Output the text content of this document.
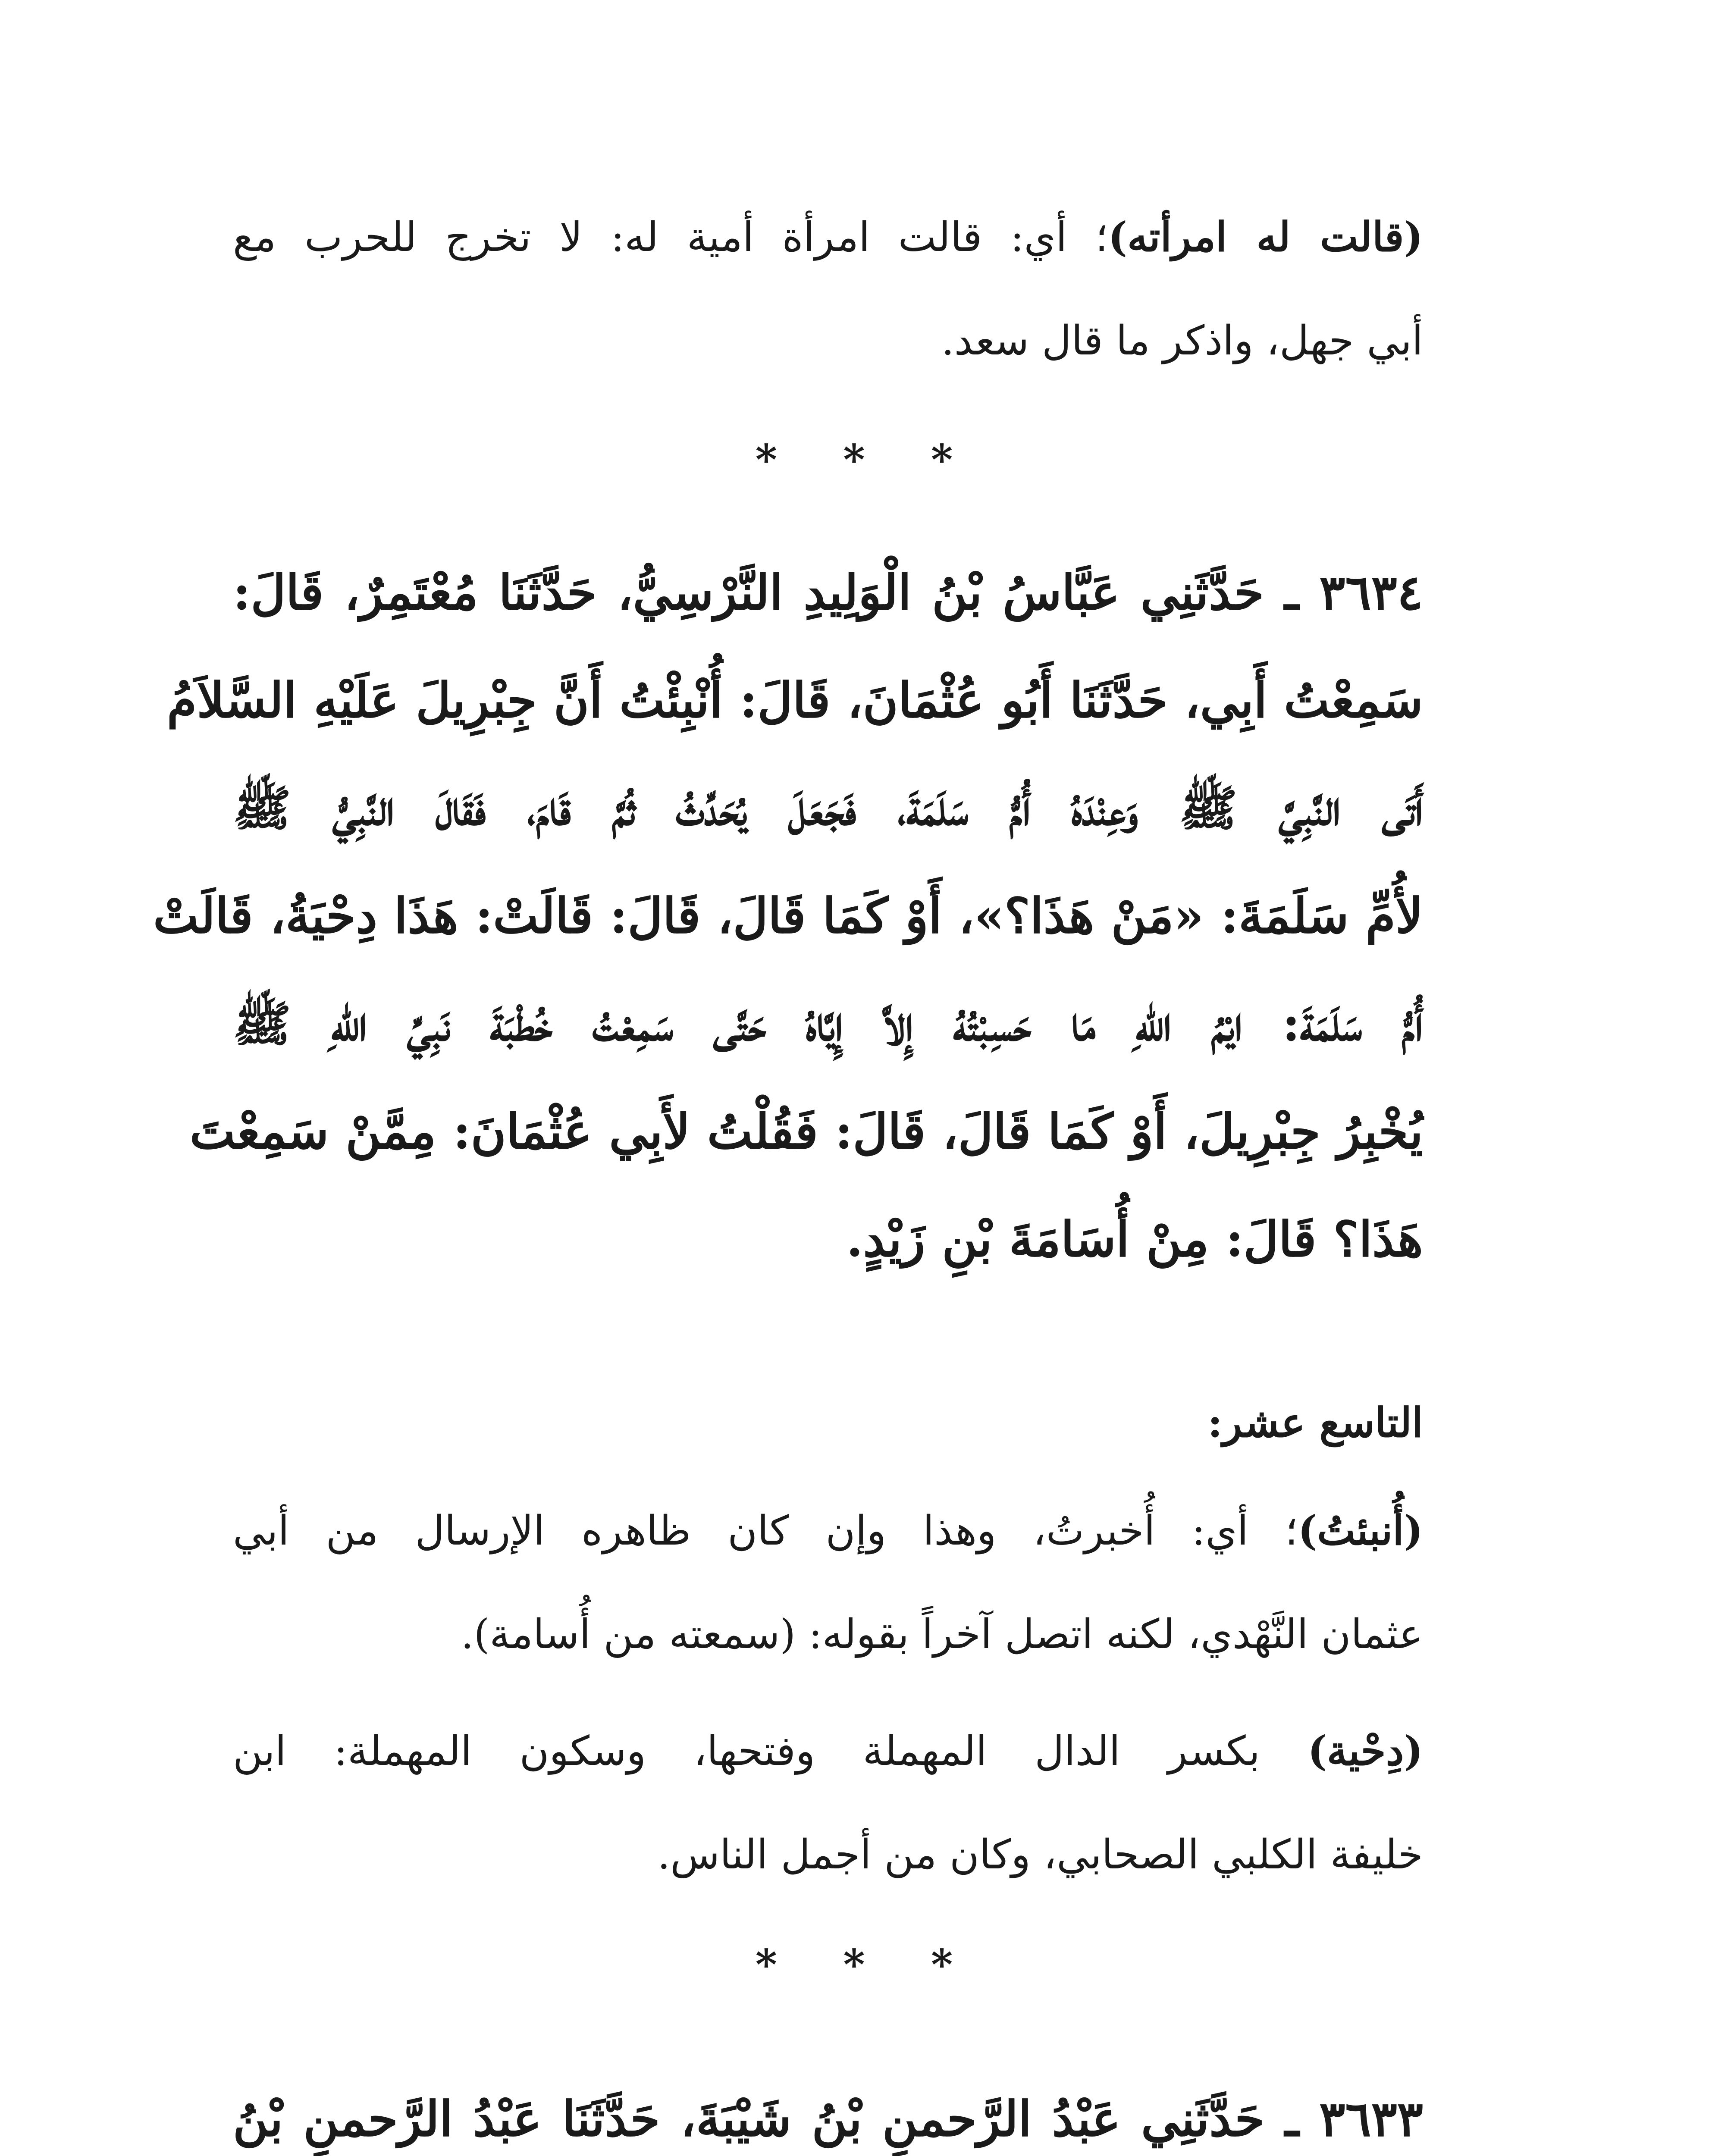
(قالت له امرأته)؛ أي: قالت امرأة أمية له: لا تخرج للحرب مع
أبي جهل، واذكر ما قال سعد.
* * *
٣٦٣٤ ـ حَدَّثَنِي عَبَّاسُ بْنُ الْوَلِيدِ النَّرْسِيُّ، حَدَّثَنَا مُعْتَمِرٌ، قَالَ:
سَمِعْتُ أَبِي، حَدَّثَنَا أَبُو عُثْمَانَ، قَالَ: أُنْبِئْتُ أَنَّ جِبْرِيلَ عَلَيْهِ السَّلاَمُ
أَتَى النَّبِيَّ ﷺ وَعِنْدَهُ أُمُّ سَلَمَةَ، فَجَعَلَ يُحَدِّثُ ثُمَّ قَامَ، فَقَالَ النَّبِيُّ ﷺ
لأُمِّ سَلَمَةَ: «مَنْ هَذَا؟»، أَوْ كَمَا قَالَ، قَالَ: قَالَتْ: هَذَا دِحْيَةُ، قَالَتْ
أُمُّ سَلَمَةَ: ايْمُ اللهِ مَا حَسِبْتُهُ إِلاَّ إِيَّاهُ حَتَّى سَمِعْتُ خُطْبَةَ نَبِيِّ اللهِ ﷺ
يُخْبِرُ جِبْرِيلَ، أَوْ كَمَا قَالَ، قَالَ: فَقُلْتُ لأَبِي عُثْمَانَ: مِمَّنْ سَمِعْتَ
هَذَا؟ قَالَ: مِنْ أُسَامَةَ بْنِ زَيْدٍ.
التاسع عشر:
(أُنبئتُ)؛ أي: أُخبرتُ، وهذا وإن كان ظاهره الإرسال من أبي
عثمان النَّهْدي، لكنه اتصل آخراً بقوله: (سمعته من أُسامة).
(دِحْية) بكسر الدال المهملة وفتحها، وسكون المهملة: ابن
خليفة الكلبي الصحابي، وكان من أجمل الناس.
* * *
٣٦٣٣ ـ حَدَّثَنِي عَبْدُ الرَّحمنِ بْنُ شَيْبَةَ، حَدَّثَنَا عَبْدُ الرَّحمنِ بْنُ
